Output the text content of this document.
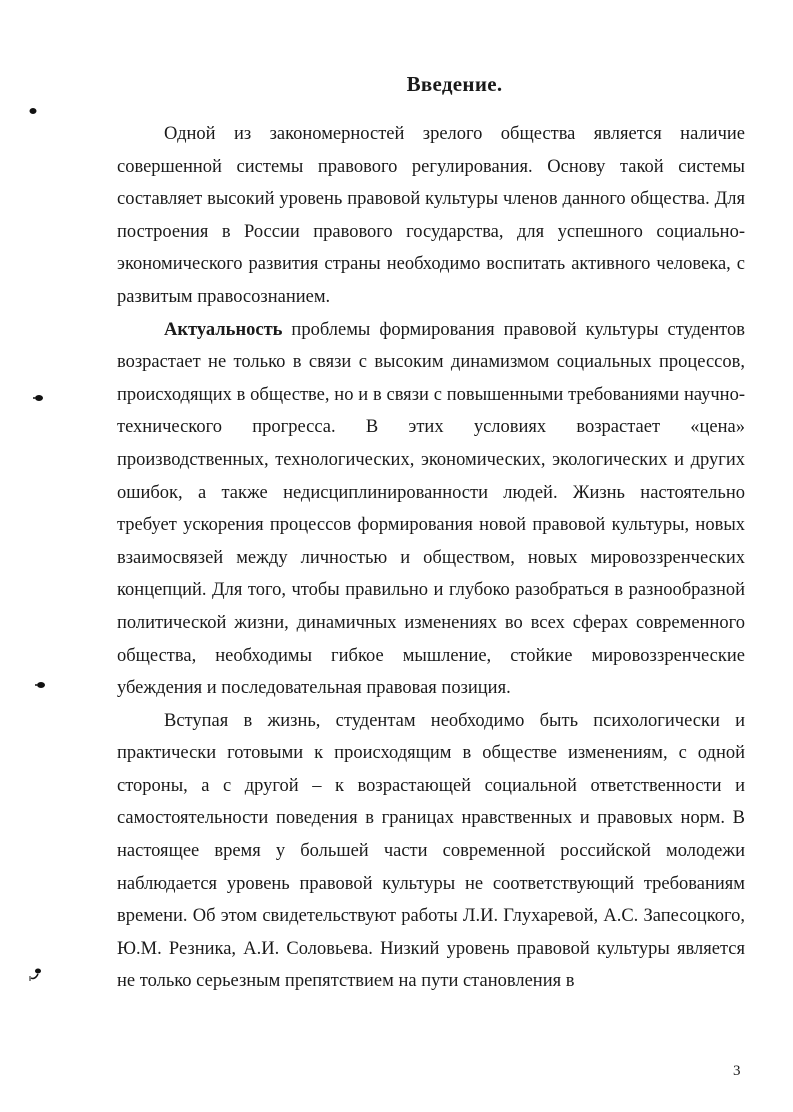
Введение.

Одной из закономерностей зрелого общества является наличие совершенной системы правового регулирования. Основу такой системы составляет высокий уровень правовой культуры членов данного общества. Для построения в России правового государства, для успешного социально-экономического развития страны необходимо воспитать активного человека, с развитым правосознанием.

Актуальность проблемы формирования правовой культуры студентов возрастает не только в связи с высоким динамизмом социальных процессов, происходящих в обществе, но и в связи с повышенными требованиями научно-технического прогресса. В этих условиях возрастает «цена» производственных, технологических, экономических, экологических и других ошибок, а также недисциплинированности людей. Жизнь настоятельно требует ускорения процессов формирования новой правовой культуры, новых взаимосвязей между личностью и обществом, новых мировоззренческих концепций. Для того, чтобы правильно и глубоко разобраться в разнообразной политической жизни, динамичных изменениях во всех сферах современного общества, необходимы гибкое мышление, стойкие мировоззренческие убеждения и последовательная правовая позиция.

Вступая в жизнь, студентам необходимо быть психологически и практически готовыми к происходящим в обществе изменениям, с одной стороны, а с другой – к возрастающей социальной ответственности и самостоятельности поведения в границах нравственных и правовых норм. В настоящее время у большей части современной российской молодежи наблюдается уровень правовой культуры не соответствующий требованиям времени. Об этом свидетельствуют работы Л.И. Глухаревой, А.С. Запесоцкого, Ю.М. Резника, А.И. Соловьева. Низкий уровень правовой культуры является не только серьезным препятствием на пути становления в

3
